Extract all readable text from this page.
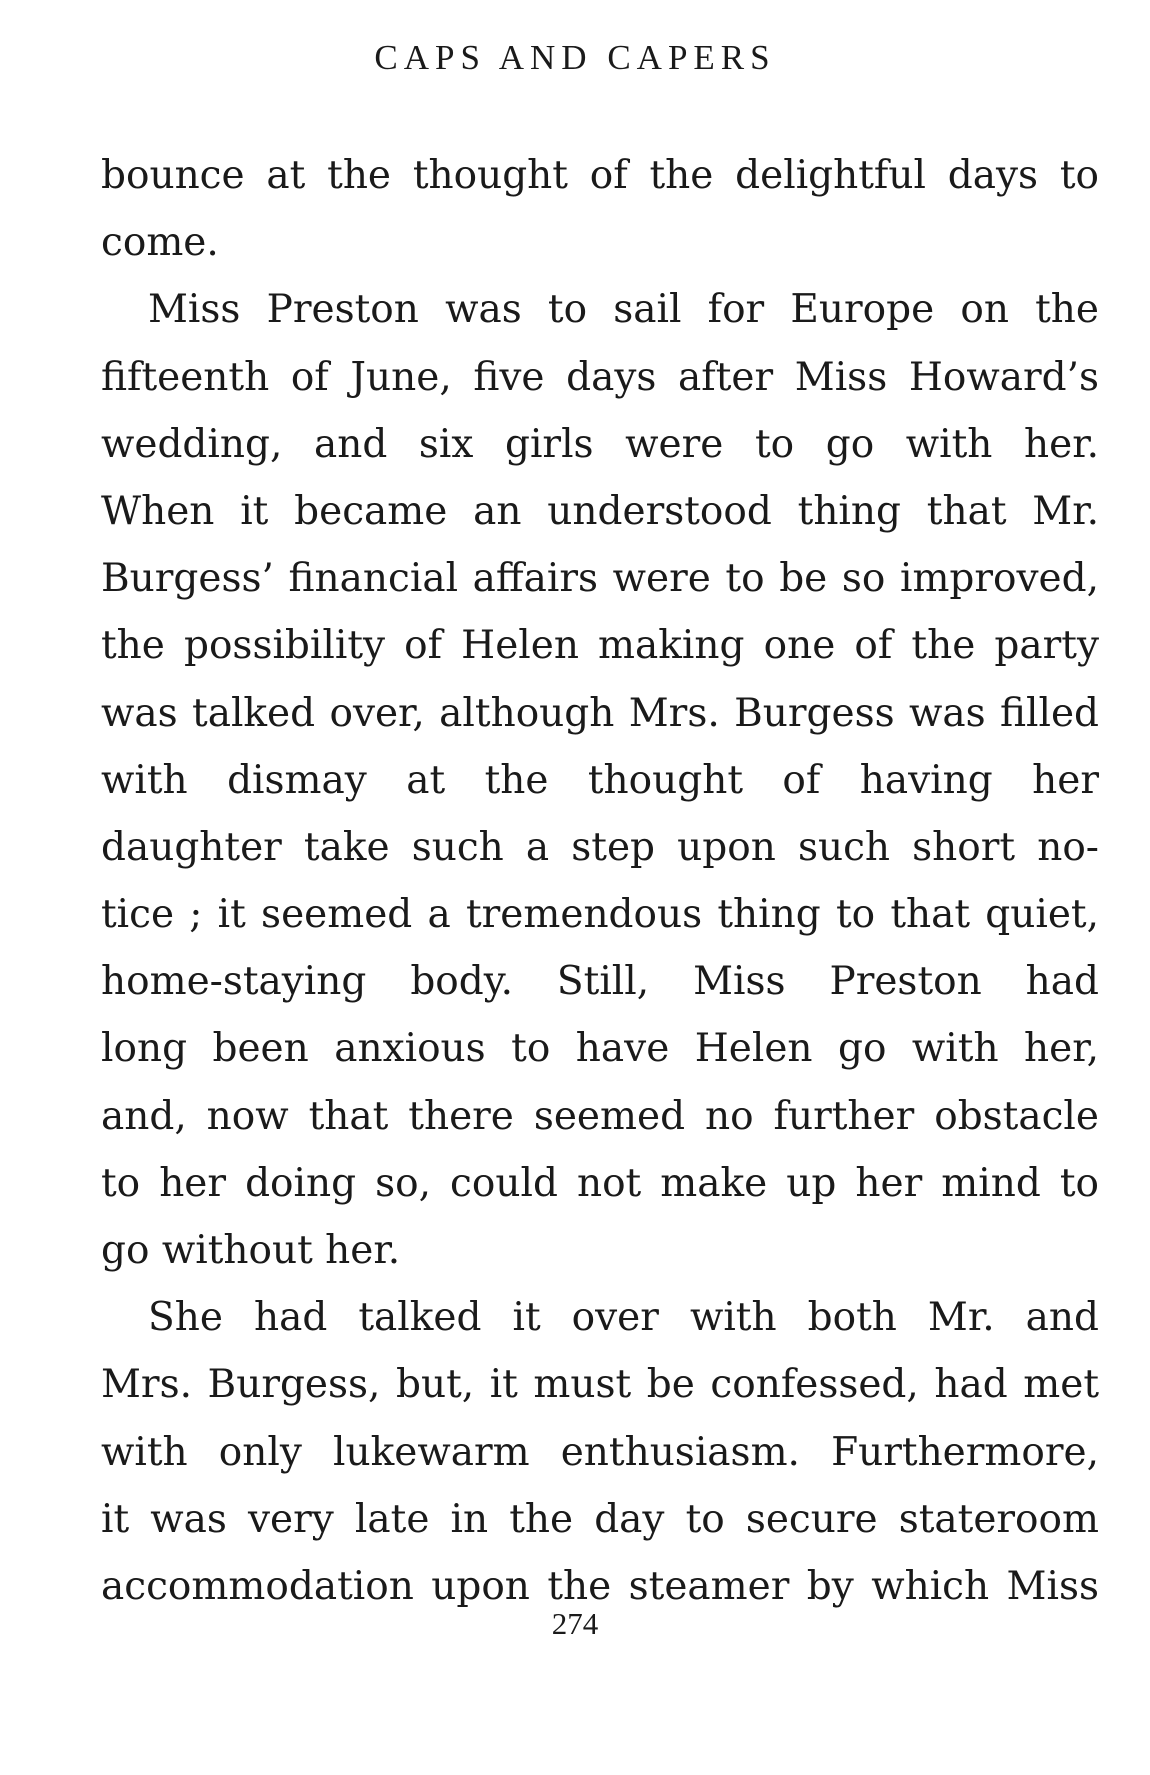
CAPS AND CAPERS
bounce at the thought of the delightful days to
come.
Miss Preston was to sail for Europe on the
fifteenth of June, five days after Miss Howard’s
wedding, and six girls were to go with her.
When it became an understood thing that Mr.
Burgess’ financial affairs were to be so improved,
the possibility of Helen making one of the party
was talked over, although Mrs. Burgess was filled
with dismay at the thought of having her
daughter take such a step upon such short no-
tice ; it seemed a tremendous thing to that quiet,
home-staying body. Still, Miss Preston had
long been anxious to have Helen go with her,
and, now that there seemed no further obstacle
to her doing so, could not make up her mind to
go without her.
She had talked it over with both Mr. and
Mrs. Burgess, but, it must be confessed, had met
with only lukewarm enthusiasm. Furthermore,
it was very late in the day to secure stateroom
accommodation upon the steamer by which Miss
274
